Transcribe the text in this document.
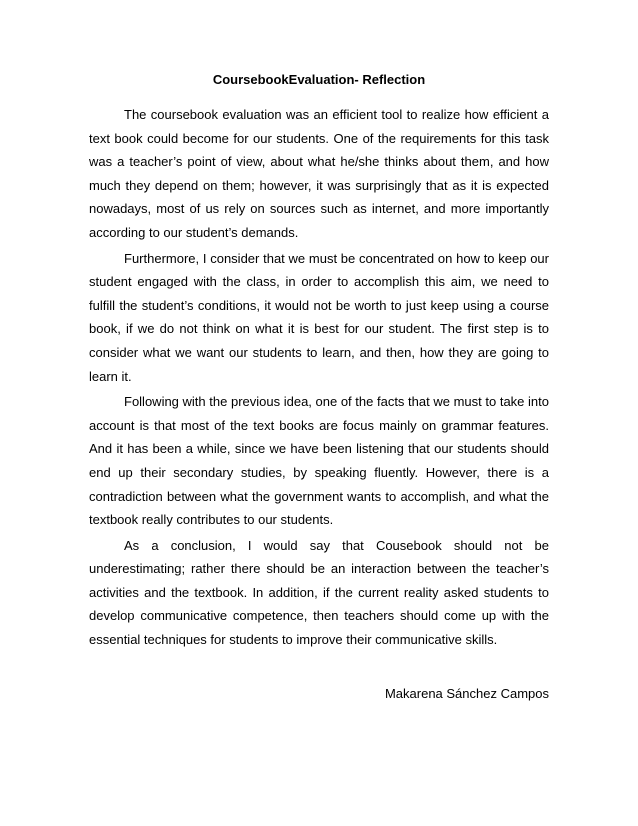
CoursebookEvaluation- Reflection

The coursebook evaluation was an efficient tool to realize how efficient a text book could become for our students. One of the requirements for this task was a teacher’s point of view, about what he/she thinks about them, and how much they depend on them; however, it was surprisingly that as it is expected nowadays, most of us rely on sources such as internet, and more importantly according to our student’s demands.

Furthermore, I consider that we must be concentrated on how to keep our student engaged with the class, in order to accomplish this aim, we need to fulfill the student’s conditions, it would not be worth to just keep using a course book, if we do not think on what it is best for our student. The first step is to consider what we want our students to learn, and then, how they are going to learn it.

Following with the previous idea, one of the facts that we must to take into account is that most of the text books are focus mainly on grammar features. And it has been a while, since we have been listening that our students should end up their secondary studies, by speaking fluently. However, there is a contradiction between what the government wants to accomplish, and what the textbook really contributes to our students.

As a conclusion, I would say that Cousebook should not be underestimating; rather there should be an interaction between the teacher’s activities and the textbook. In addition, if the current reality asked students to develop communicative competence, then teachers should come up with the essential techniques for students to improve their communicative skills.

Makarena Sánchez Campos
